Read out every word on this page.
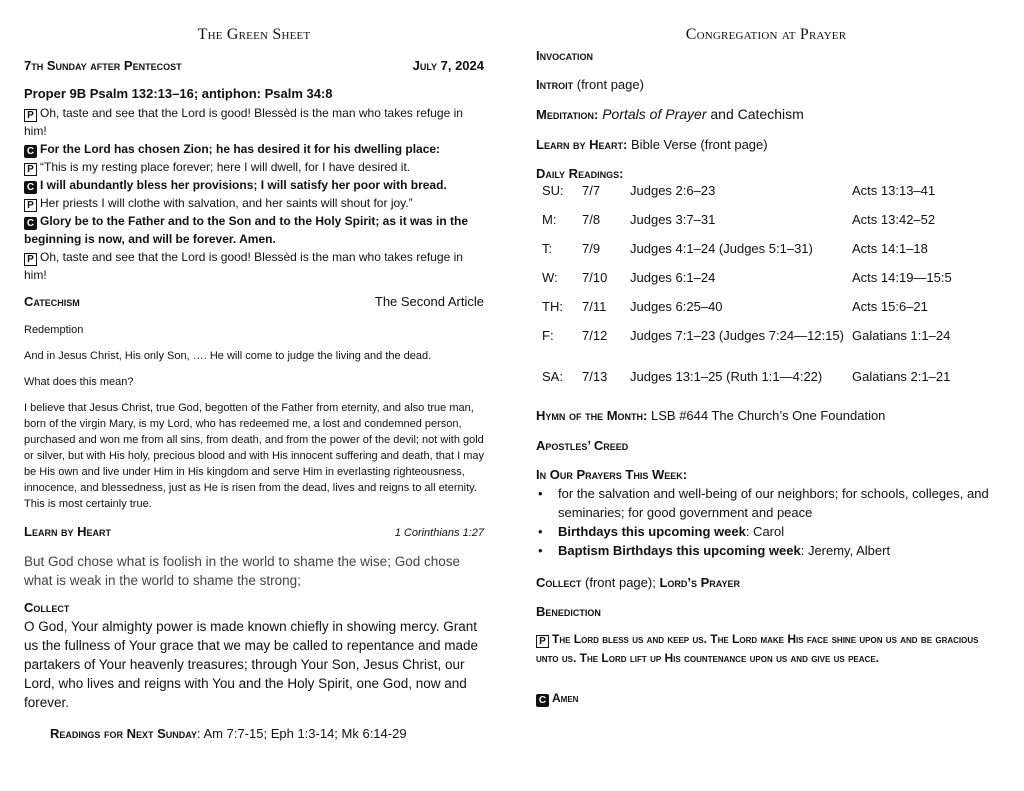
The Green Sheet
7th Sunday after Pentecost	July 7, 2024
Proper 9B Psalm 132:13–16; antiphon: Psalm 34:8
P Oh, taste and see that the Lord is good! Blessèd is the man who takes refuge in him!
C For the Lord has chosen Zion; he has desired it for his dwelling place:
P “This is my resting place forever; here I will dwell, for I have desired it.
C I will abundantly bless her provisions; I will satisfy her poor with bread.
P Her priests I will clothe with salvation, and her saints will shout for joy.”
C Glory be to the Father and to the Son and to the Holy Spirit; as it was in the beginning is now, and will be forever. Amen.
P Oh, taste and see that the Lord is good! Blessèd is the man who takes refuge in him!
Catechism	The Second Article
Redemption
And in Jesus Christ, His only Son, …. He will come to judge the living and the dead.
What does this mean?
I believe that Jesus Christ, true God, begotten of the Father from eternity, and also true man, born of the virgin Mary, is my Lord, who has redeemed me, a lost and condemned person, purchased and won me from all sins, from death, and from the power of the devil; not with gold or silver, but with His holy, precious blood and with His innocent suffering and death, that I may be His own and live under Him in His kingdom and serve Him in everlasting righteousness, innocence, and blessedness, just as He is risen from the dead, lives and reigns to all eternity. This is most certainly true.
Learn by Heart	1 Corinthians 1:27
But God chose what is foolish in the world to shame the wise; God chose what is weak in the world to shame the strong;
Collect
O God, Your almighty power is made known chiefly in showing mercy. Grant us the fullness of Your grace that we may be called to repentance and made partakers of Your heavenly treasures; through Your Son, Jesus Christ, our Lord, who lives and reigns with You and the Holy Spirit, one God, now and forever.
Readings for Next Sunday: Am 7:7-15; Eph 1:3-14; Mk 6:14-29
Congregation at Prayer
Invocation
Introit (front page)
Meditation: Portals of Prayer and Catechism
Learn by Heart: Bible Verse (front page)
Daily Readings:
SU:	7/7	Judges 2:6–23	Acts 13:13–41
M:	7/8	Judges 3:7–31	Acts 13:42–52
T:	7/9	Judges 4:1–24 (Judges 5:1–31)	Acts 14:1–18
W:	7/10	Judges 6:1–24	Acts 14:19—15:5
TH:	7/11	Judges 6:25–40	Acts 15:6–21
F:	7/12	Judges 7:1–23 (Judges 7:24—12:15)	Galatians 1:1–24
SA:	7/13	Judges 13:1–25 (Ruth 1:1—4:22)	Galatians 2:1–21
Hymn of the Month: LSB #644 The Church’s One Foundation
Apostles’ Creed
In Our Prayers This Week:
•	for the salvation and well-being of our neighbors; for schools, colleges, and seminaries; for good government and peace
•	Birthdays this upcoming week: Carol
•	Baptism Birthdays this upcoming week: Jeremy, Albert
Collect (front page); Lord’s Prayer
Benediction
P The Lord bless us and keep us. The Lord make His face shine upon us and be gracious unto us. The Lord lift up His countenance upon us and give us peace.
C Amen
